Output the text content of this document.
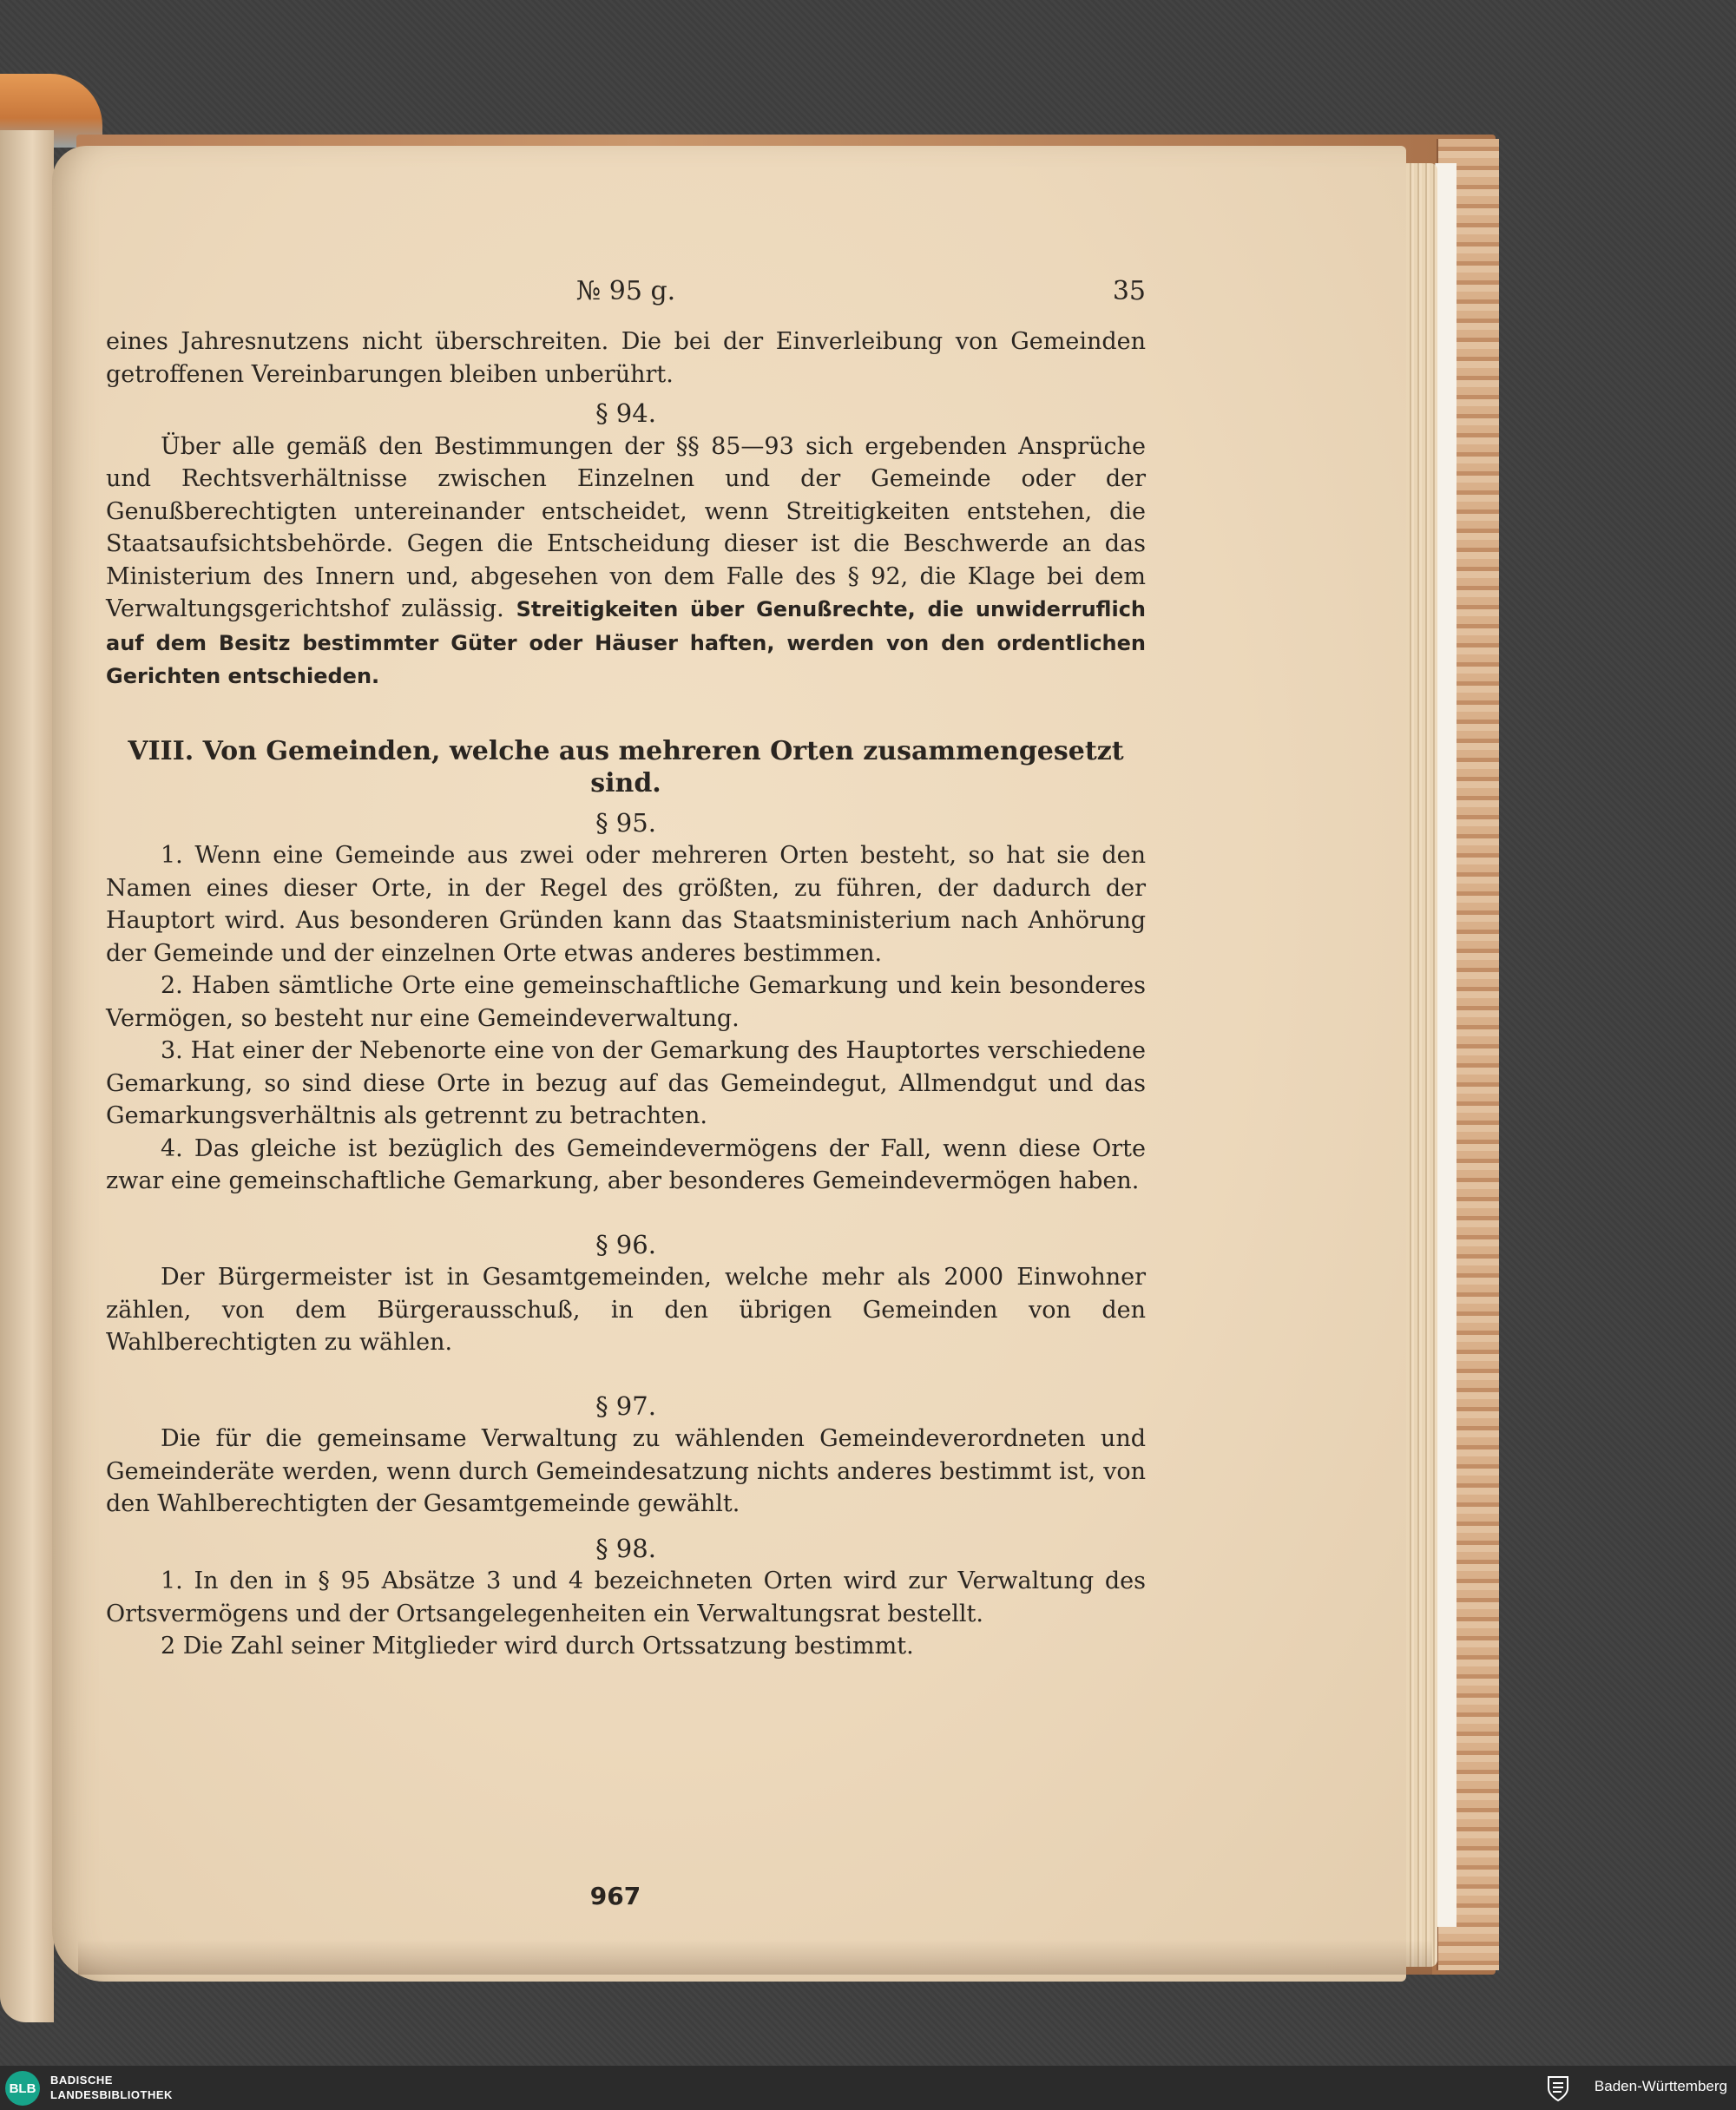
№ 95 g.	35

eines Jahresnutzens nicht überschreiten. Die bei der Einverleibung von Gemeinden getroffenen Vereinbarungen bleiben unberührt.

§ 94.

Über alle gemäß den Bestimmungen der §§ 85—93 sich ergebenden Ansprüche und Rechtsverhältnisse zwischen Einzelnen und der Gemeinde oder der Genußberechtigten untereinander entscheidet, wenn Streitigkeiten entstehen, die Staatsaufsichtsbehörde. Gegen die Entscheidung dieser ist die Beschwerde an das Ministerium des Innern und, abgesehen von dem Falle des § 92, die Klage bei dem Verwaltungsgerichtshof zulässig. Streitigkeiten über Genußrechte, die unwiderruflich auf dem Besitz bestimmter Güter oder Häuser haften, werden von den ordentlichen Gerichten entschieden.

VIII. Von Gemeinden, welche aus mehreren Orten zusammengesetzt sind.

§ 95.

1. Wenn eine Gemeinde aus zwei oder mehreren Orten besteht, so hat sie den Namen eines dieser Orte, in der Regel des größten, zu führen, der dadurch der Hauptort wird. Aus besonderen Gründen kann das Staatsministerium nach Anhörung der Gemeinde und der einzelnen Orte etwas anderes bestimmen.

2. Haben sämtliche Orte eine gemeinschaftliche Gemarkung und kein besonderes Vermögen, so besteht nur eine Gemeindeverwaltung.

3. Hat einer der Nebenorte eine von der Gemarkung des Hauptortes verschiedene Gemarkung, so sind diese Orte in bezug auf das Gemeindegut, Allmendgut und das Gemarkungsverhältnis als getrennt zu betrachten.

4. Das gleiche ist bezüglich des Gemeindevermögens der Fall, wenn diese Orte zwar eine gemeinschaftliche Gemarkung, aber besonderes Gemeindevermögen haben.

§ 96.

Der Bürgermeister ist in Gesamtgemeinden, welche mehr als 2000 Einwohner zählen, von dem Bürgerausschuß, in den übrigen Gemeinden von den Wahlberechtigten zu wählen.

§ 97.

Die für die gemeinsame Verwaltung zu wählenden Gemeindeverordneten und Gemeinderäte werden, wenn durch Gemeindesatzung nichts anderes bestimmt ist, von den Wahlberechtigten der Gesamtgemeinde gewählt.

§ 98.

1. In den in § 95 Absätze 3 und 4 bezeichneten Orten wird zur Verwaltung des Ortsvermögens und der Ortsangelegenheiten ein Verwaltungsrat bestellt.

2 Die Zahl seiner Mitglieder wird durch Ortssatzung bestimmt.

967
BLB
BADISCHE
LANDESBIBLIOTHEK
Baden-Württemberg
